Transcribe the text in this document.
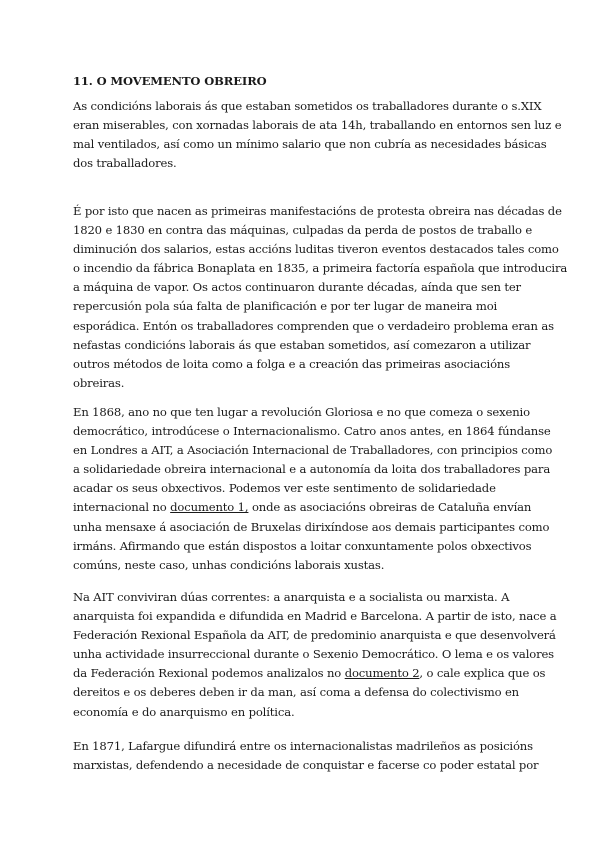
11. O MOVEMENTO OBREIRO
As condicións laborais ás que estaban sometidos os traballadores durante o s.XIX
eran miserables, con xornadas laborais de ata 14h, traballando en entornos sen luz e
mal ventilados, así como un mínimo salario que non cubría as necesidades básicas
dos traballadores.
É por isto que nacen as primeiras manifestacións de protesta obreira nas décadas de
1820 e 1830 en contra das máquinas, culpadas da perda de postos de traballo e
diminución dos salarios, estas accións luditas tiveron eventos destacados tales como
o incendio da fábrica Bonaplata en 1835, a primeira factoría española que introducira
a máquina de vapor. Os actos continuaron durante décadas, aínda que sen ter
repercusión pola súa falta de planificación e por ter lugar de maneira moi
esporádica. Entón os traballadores comprenden que o verdadeiro problema eran as
nefastas condicións laborais ás que estaban sometidos, así comezaron a utilizar
outros métodos de loita como a folga e a creación das primeiras asociacións
obreiras.
En 1868, ano no que ten lugar a revolución Gloriosa e no que comeza o sexenio
democrático, introdúcese o Internacionalismo. Catro anos antes, en 1864 fúndanse
en Londres a AIT, a Asociación Internacional de Traballadores, con principios como
a solidariedade obreira internacional e a autonomía da loita dos traballadores para
acadar os seus obxectivos. Podemos ver este sentimento de solidariedade
internacional no documento 1, onde as asociacións obreiras de Cataluña envían
unha mensaxe á asociación de Bruxelas dirixíndose aos demais participantes como
irmáns. Afirmando que están dispostos a loitar conxuntamente polos obxectivos
comúns, neste caso, unhas condicións laborais xustas.
Na AIT conviviran dúas correntes: a anarquista e a socialista ou marxista. A
anarquista foi expandida e difundida en Madrid e Barcelona. A partir de isto, nace a
Federación Rexional Española da AIT, de predominio anarquista e que desenvolverá
unha actividade insurreccional durante o Sexenio Democrático. O lema e os valores
da Federación Rexional podemos analizalos no documento 2, o cale explica que os
dereitos e os deberes deben ir da man, así coma a defensa do colectivismo en
economía e do anarquismo en política.
En 1871, Lafargue difundirá entre os internacionalistas madrileños as posicións
marxistas, defendendo a necesidade de conquistar e facerse co poder estatal por
